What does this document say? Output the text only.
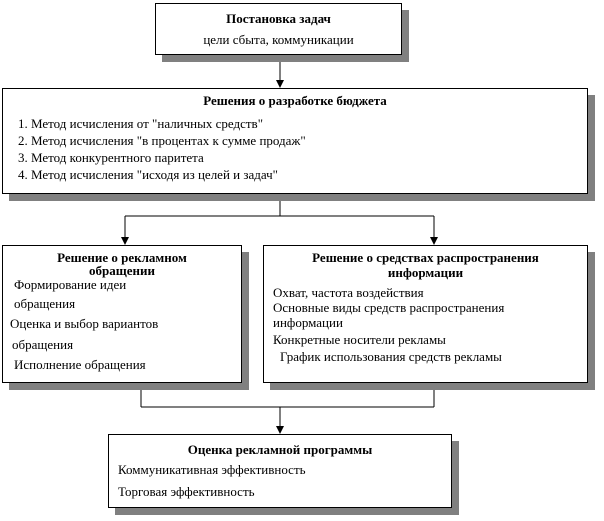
Постановка задач
цели сбыта, коммуникации
Решения о разработке бюджета
1. Метод исчисления от "наличных средств"
2. Метод исчисления "в процентах к сумме продаж"
3. Метод конкурентного паритета
4. Метод исчисления "исходя из целей и задач"
Решение о рекламном
обращении
Формирование идеи
обращения
Оценка и выбор вариантов
обращения
Исполнение обращения
Решение о средствах распространения
информации
Охват, частота воздействия
Основные виды средств распространения
информации
Конкретные носители рекламы
График использования средств рекламы
Оценка рекламной программы
Коммуникативная эффективность
Торговая эффективность
